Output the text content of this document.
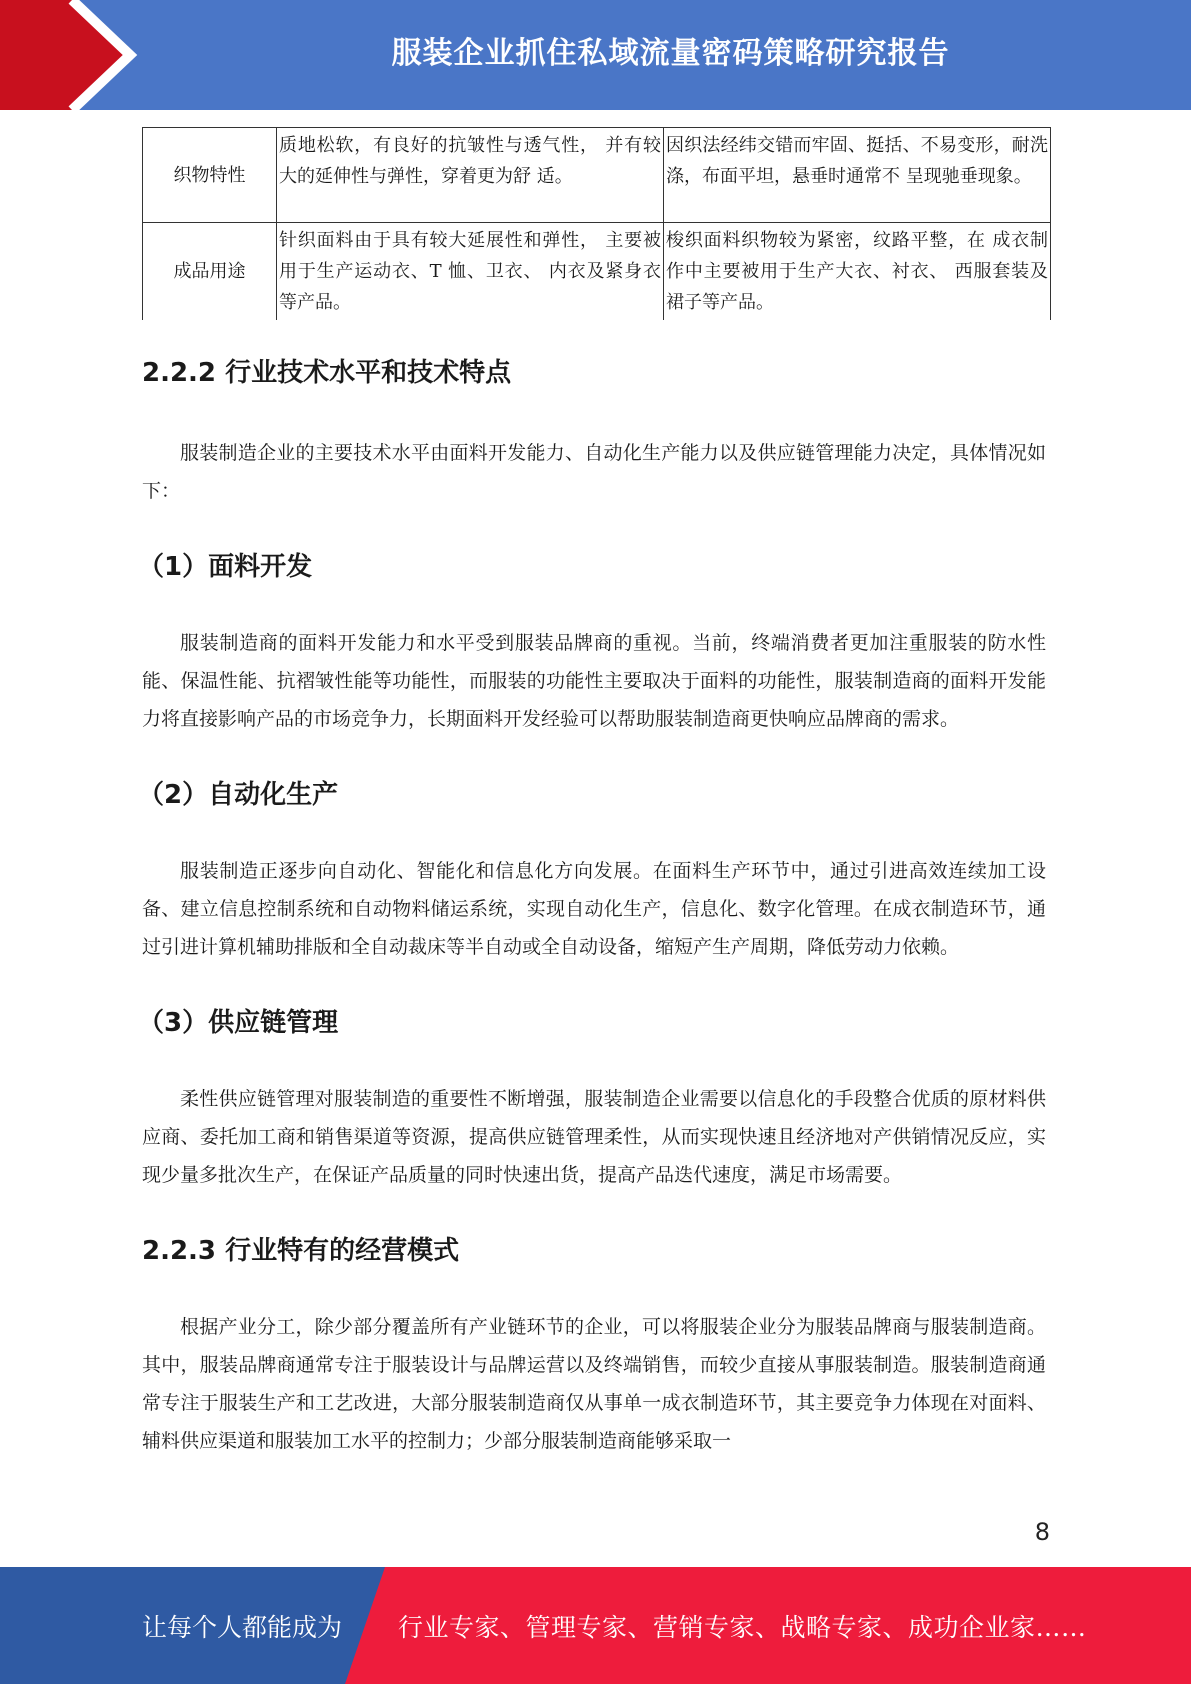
服装企业抓住私域流量密码策略研究报告
织物特性	质地松软，有良好的抗皱性与透气性， 并有较大的延伸性与弹性，穿着更为舒 适。	因织法经纬交错而牢固、挺括、不易变形，耐洗涤，布面平坦，悬垂时通常不 呈现驰垂现象。
成品用途	针织面料由于具有较大延展性和弹性， 主要被用于生产运动衣、T 恤、卫衣、 内衣及紧身衣等产品。	梭织面料织物较为紧密，纹路平整，在 成衣制作中主要被用于生产大衣、衬衣、 西服套装及裙子等产品。
2.2.2 行业技术水平和技术特点

服装制造企业的主要技术水平由面料开发能力、自动化生产能力以及供应链管理能力决定，具体情况如下：

（1）面料开发

服装制造商的面料开发能力和水平受到服装品牌商的重视。当前，终端消费者更加注重服装的防水性能、保温性能、抗褶皱性能等功能性，而服装的功能性主要取决于面料的功能性，服装制造商的面料开发能力将直接影响产品的市场竞争力，长期面料开发经验可以帮助服装制造商更快响应品牌商的需求。

（2）自动化生产

服装制造正逐步向自动化、智能化和信息化方向发展。在面料生产环节中，通过引进高效连续加工设备、建立信息控制系统和自动物料储运系统，实现自动化生产，信息化、数字化管理。在成衣制造环节，通过引进计算机辅助排版和全自动裁床等半自动或全自动设备，缩短产生产周期，降低劳动力依赖。

（3）供应链管理

柔性供应链管理对服装制造的重要性不断增强，服装制造企业需要以信息化的手段整合优质的原材料供应商、委托加工商和销售渠道等资源，提高供应链管理柔性，从而实现快速且经济地对产供销情况反应，实现少量多批次生产，在保证产品质量的同时快速出货，提高产品迭代速度，满足市场需要。

2.2.3 行业特有的经营模式

根据产业分工，除少部分覆盖所有产业链环节的企业，可以将服装企业分为服装品牌商与服装制造商。其中，服装品牌商通常专注于服装设计与品牌运营以及终端销售，而较少直接从事服装制造。服装制造商通常专注于服装生产和工艺改进，大部分服装制造商仅从事单一成衣制造环节，其主要竞争力体现在对面料、辅料供应渠道和服装加工水平的控制力；少部分服装制造商能够采取一

8
让每个人都能成为 行业专家、管理专家、营销专家、战略专家、成功企业家……
